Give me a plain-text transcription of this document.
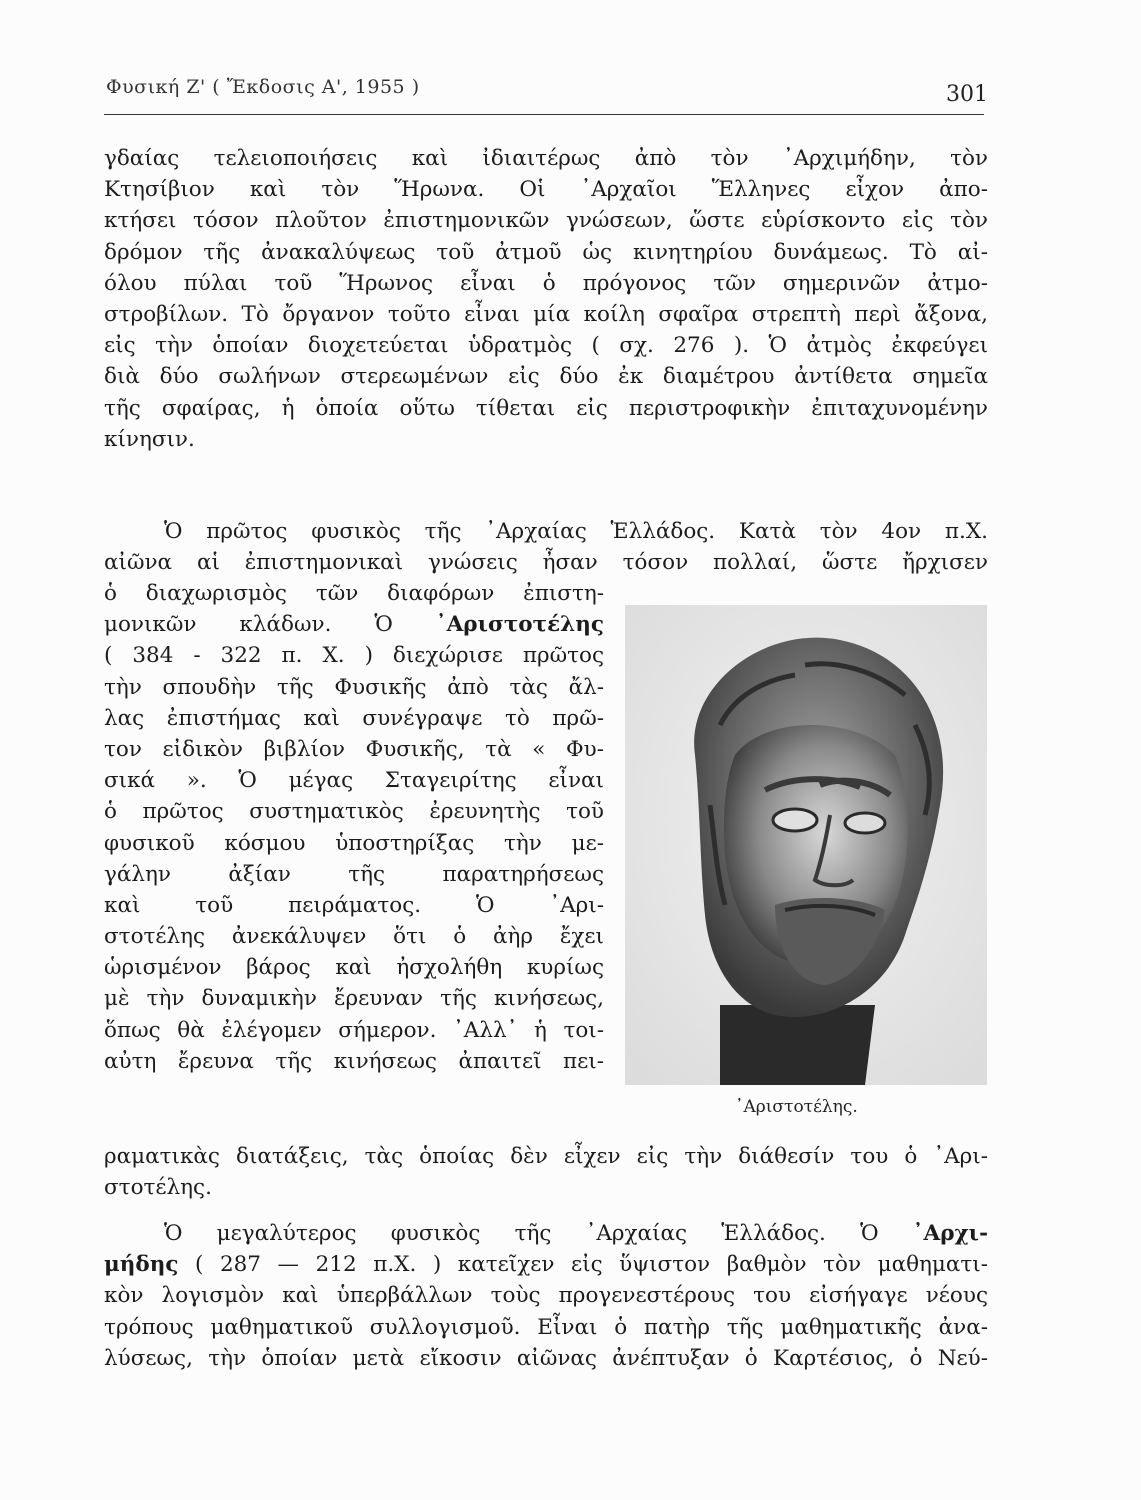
Φυσική Ζ' ( Ἔκδοσις Α', 1955 )	301
γδαίας τελειοποιήσεις καὶ ἰδιαιτέρως ἀπὸ τὸν ᾿Αρχιμήδην, τὸν
Κτησίβιον καὶ τὸν Ἥρωνα. Οἱ ᾿Αρχαῖοι Ἕλληνες εἶχον ἀπο-
κτήσει τόσον πλοῦτον ἐπιστημονικῶν γνώσεων, ὥστε εὑρίσκοντο εἰς τὸν
δρόμον τῆς ἀνακαλύψεως τοῦ ἀτμοῦ ὡς κινητηρίου δυνάμεως. Τὸ αἰ-
όλου πύλαι τοῦ Ἥρωνος εἶναι ὁ πρόγονος τῶν σημερινῶν ἀτμο-
στροβίλων. Τὸ ὄργανον τοῦτο εἶναι μία κοίλη σφαῖρα στρεπτὴ περὶ ἄξονα,
εἰς τὴν ὁποίαν διοχετεύεται ὑδρατμὸς ( σχ. 276 ). Ὁ ἀτμὸς ἐκφεύγει
διὰ δύο σωλήνων στερεωμένων εἰς δύο ἐκ διαμέτρου ἀντίθετα σημεῖα
τῆς σφαίρας, ἡ ὁποία οὕτω τίθεται εἰς περιστροφικὴν ἐπιταχυνομένην
κίνησιν.
Ὁ πρῶτος φυσικὸς τῆς ᾿Αρχαίας Ἑλλάδος. Κατὰ τὸν 4ον π.Χ.
αἰῶνα αἱ ἐπιστημονικαὶ γνώσεις ἦσαν τόσον πολλαί, ὥστε ἤρχισεν
ὁ διαχωρισμὸς τῶν διαφόρων ἐπιστη-
μονικῶν κλάδων. Ὁ ᾿Αριστοτέλης
( 384 - 322 π. Χ. ) διεχώρισε πρῶτος
τὴν σπουδὴν τῆς Φυσικῆς ἀπὸ τὰς ἄλ-
λας ἐπιστήμας καὶ συνέγραψε τὸ πρῶ-
τον εἰδικὸν βιβλίον Φυσικῆς, τὰ « Φυ-
σικά ». Ὁ μέγας Σταγειρίτης εἶναι
ὁ πρῶτος συστηματικὸς ἐρευνητὴς τοῦ
φυσικοῦ κόσμου ὑποστηρίξας τὴν με-
γάλην ἀξίαν τῆς παρατηρήσεως
καὶ τοῦ πειράματος. Ὁ ᾿Αρι-
στοτέλης ἀνεκάλυψεν ὅτι ὁ ἀὴρ ἔχει
ὡρισμένον βάρος καὶ ἠσχολήθη κυρίως
μὲ τὴν δυναμικὴν ἔρευναν τῆς κινήσεως,
ὅπως θὰ ἐλέγομεν σήμερον. ᾿Αλλ᾽ ἡ τοι-
αὐτη ἔρευνα τῆς κινήσεως ἀπαιτεῖ πει-
ραματικὰς διατάξεις, τὰς ὁποίας δὲν εἶχεν εἰς τὴν διάθεσίν του ὁ ᾿Αρι-
στοτέλης.
Ὁ μεγαλύτερος φυσικὸς τῆς ᾿Αρχαίας Ἑλλάδος. Ὁ ᾿Αρχι-
μήδης ( 287 — 212 π.Χ. ) κατεῖχεν εἰς ὕψιστον βαθμὸν τὸν μαθηματι-
κὸν λογισμὸν καὶ ὑπερβάλλων τοὺς προγενεστέρους του εἰσήγαγε νέους
τρόπους μαθηματικοῦ συλλογισμοῦ. Εἶναι ὁ πατὴρ τῆς μαθηματικῆς ἀνα-
λύσεως, τὴν ὁποίαν μετὰ εἴκοσιν αἰῶνας ἀνέπτυξαν ὁ Καρτέσιος, ὁ Νεύ-
᾿Αριστοτέλης.
